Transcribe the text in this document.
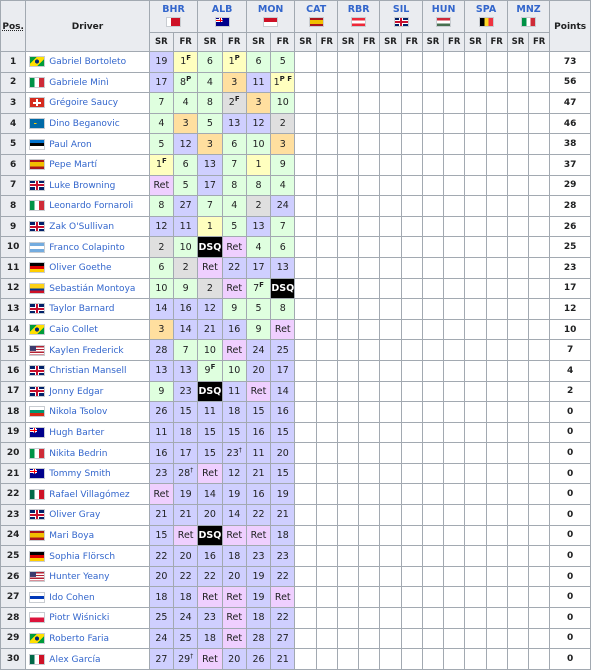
Pos.	Driver	BHR		ALB		MON		CAT		RBR		SIL		HUN		SPA		MNZ		Points
		SR	FR	SR	FR	SR	FR	SR	FR	SR	FR	SR	FR	SR	FR	SR	FR	SR	FR	
1	Gabriel Bortoleto	19	$1^F$	6	$1^P$	6	5													73
2	Gabriele Minì	17	$8^P$	4	3	11	$1^{P F}$													56
3	Grégoire Saucy	7	4	8	$2^F$	3	10													47
4	Dino Beganovic	4	3	5	13	12	2													46
5	Paul Aron	5	12	3	6	10	3													38
6	Pepe Martí	$1^F$	6	13	7	1	9													37
7	Luke Browning	Ret	5	17	8	8	4													29
8	Leonardo Fornaroli	8	27	7	4	2	24													28
9	Zak O'Sullivan	12	11	1	5	13	7													26
10	Franco Colapinto	2	10	DSQ	Ret	4	6													25
11	Oliver Goethe	6	2	Ret	22	17	13													23
12	Sebastián Montoya	10	9	2	Ret	$7^F$	DSQ													17
13	Taylor Barnard	14	16	12	9	5	8													12
14	Caio Collet	3	14	21	16	9	Ret													10
15	Kaylen Frederick	28	7	10	Ret	24	25													7
16	Christian Mansell	13	13	$9^F$	10	20	17													4
17	Jonny Edgar	9	23	DSQ	11	Ret	14													2
18	Nikola Tsolov	26	15	11	18	15	16													0
19	Hugh Barter	11	18	15	15	16	15													0
20	Nikita Bedrin	16	17	15	23†	11	20													0
21	Tommy Smith	23	28†	Ret	12	21	15													0
22	Rafael Villagómez	Ret	19	14	19	16	19													0
23	Oliver Gray	21	21	20	14	22	21													0
24	Mari Boya	15	Ret	DSQ	Ret	Ret	18													0
25	Sophia Flörsch	22	20	16	18	23	23													0
26	Hunter Yeany	20	22	22	20	19	22													0
27	Ido Cohen	18	18	Ret	Ret	19	Ret													0
28	Piotr Wiśnicki	25	24	23	Ret	18	22													0
29	Roberto Faria	24	25	18	Ret	28	27													0
30	Alex García	27	29†	Ret	20	26	21													0
